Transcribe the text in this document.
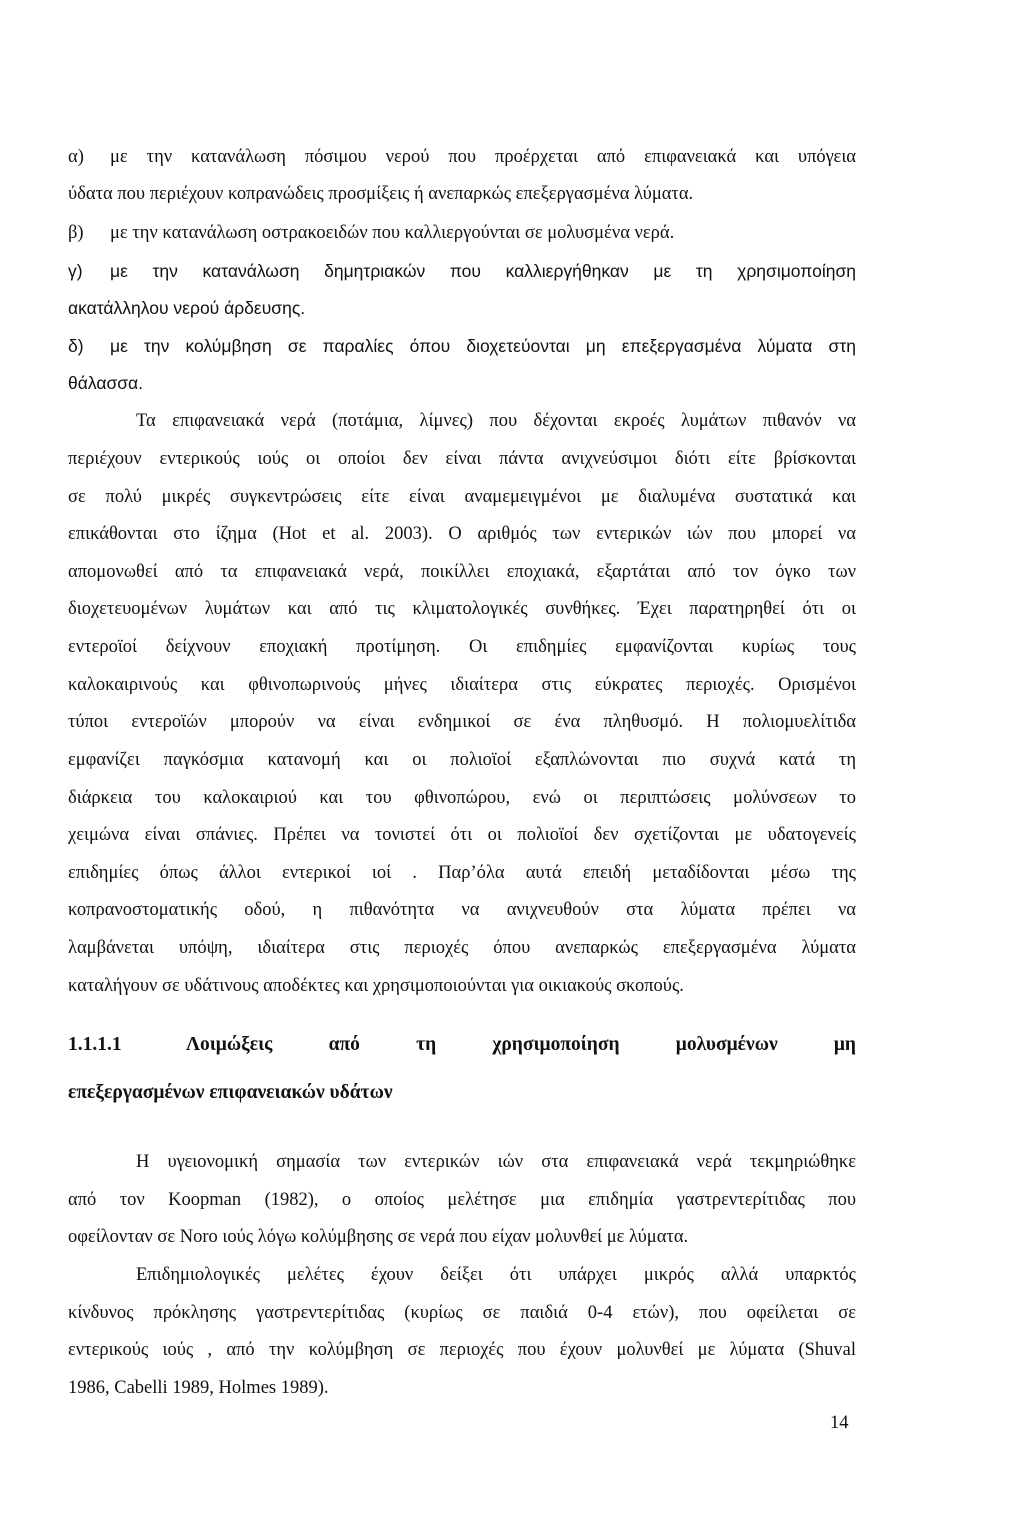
α) με την κατανάλωση πόσιμου νερού που προέρχεται από επιφανειακά και υπόγεια
ύδατα που περιέχουν κοπρανώδεις προσμίξεις ή ανεπαρκώς επεξεργασμένα λύματα.
β) με την κατανάλωση οστρακοειδών που καλλιεργούνται σε μολυσμένα νερά.
γ) με την κατανάλωση δημητριακών που καλλιεργήθηκαν με τη χρησιμοποίηση
ακατάλληλου νερού άρδευσης.
δ) με την κολύμβηση σε παραλίες όπου διοχετεύονται μη επεξεργασμένα λύματα στη
θάλασσα.
Τα επιφανειακά νερά (ποτάμια, λίμνες) που δέχονται εκροές λυμάτων πιθανόν να
περιέχουν εντερικούς ιούς οι οποίοι δεν είναι πάντα ανιχνεύσιμοι διότι είτε βρίσκονται
σε πολύ μικρές συγκεντρώσεις είτε είναι αναμεμειγμένοι με διαλυμένα συστατικά και
επικάθονται στο ίζημα (Hot et al. 2003). Ο αριθμός των εντερικών ιών που μπορεί να
απομονωθεί από τα επιφανειακά νερά, ποικίλλει εποχιακά, εξαρτάται από τον όγκο των
διοχετευομένων λυμάτων και από τις κλιματολογικές συνθήκες. Έχει παρατηρηθεί ότι οι
εντεροϊοί δείχνουν εποχιακή προτίμηση. Οι επιδημίες εμφανίζονται κυρίως τους
καλοκαιρινούς και φθινοπωρινούς μήνες ιδιαίτερα στις εύκρατες περιοχές. Ορισμένοι
τύποι εντεροϊών μπορούν να είναι ενδημικοί σε ένα πληθυσμό. Η πολιομυελίτιδα
εμφανίζει παγκόσμια κατανομή και οι πολιοϊοί εξαπλώνονται πιο συχνά κατά τη
διάρκεια του καλοκαιριού και του φθινοπώρου, ενώ οι περιπτώσεις μολύνσεων το
χειμώνα είναι σπάνιες. Πρέπει να τονιστεί ότι οι πολιοϊοί δεν σχετίζονται με υδατογενείς
επιδημίες όπως άλλοι εντερικοί ιοί . Παρ’όλα αυτά επειδή μεταδίδονται μέσω της
κοπρανοστοματικής οδού, η πιθανότητα να ανιχνευθούν στα λύματα πρέπει να
λαμβάνεται υπόψη, ιδιαίτερα στις περιοχές όπου ανεπαρκώς επεξεργασμένα λύματα
καταλήγουν σε υδάτινους αποδέκτες και χρησιμοποιούνται για οικιακούς σκοπούς.
1.1.1.1	Λοιμώξεις από τη χρησιμοποίηση μολυσμένων μη
επεξεργασμένων επιφανειακών υδάτων
Η υγειονομική σημασία των εντερικών ιών στα επιφανειακά νερά τεκμηριώθηκε
από τον Koopman (1982), ο οποίος μελέτησε μια επιδημία γαστρεντερίτιδας που
οφείλονταν σε Noro ιούς λόγω κολύμβησης σε νερά που είχαν μολυνθεί με λύματα.
Επιδημιολογικές μελέτες έχουν δείξει ότι υπάρχει μικρός αλλά υπαρκτός
κίνδυνος πρόκλησης γαστρεντερίτιδας (κυρίως σε παιδιά 0-4 ετών), που οφείλεται σε
εντερικούς ιούς , από την κολύμβηση σε περιοχές που έχουν μολυνθεί με λύματα (Shuval
1986, Cabelli 1989, Holmes 1989).
14
